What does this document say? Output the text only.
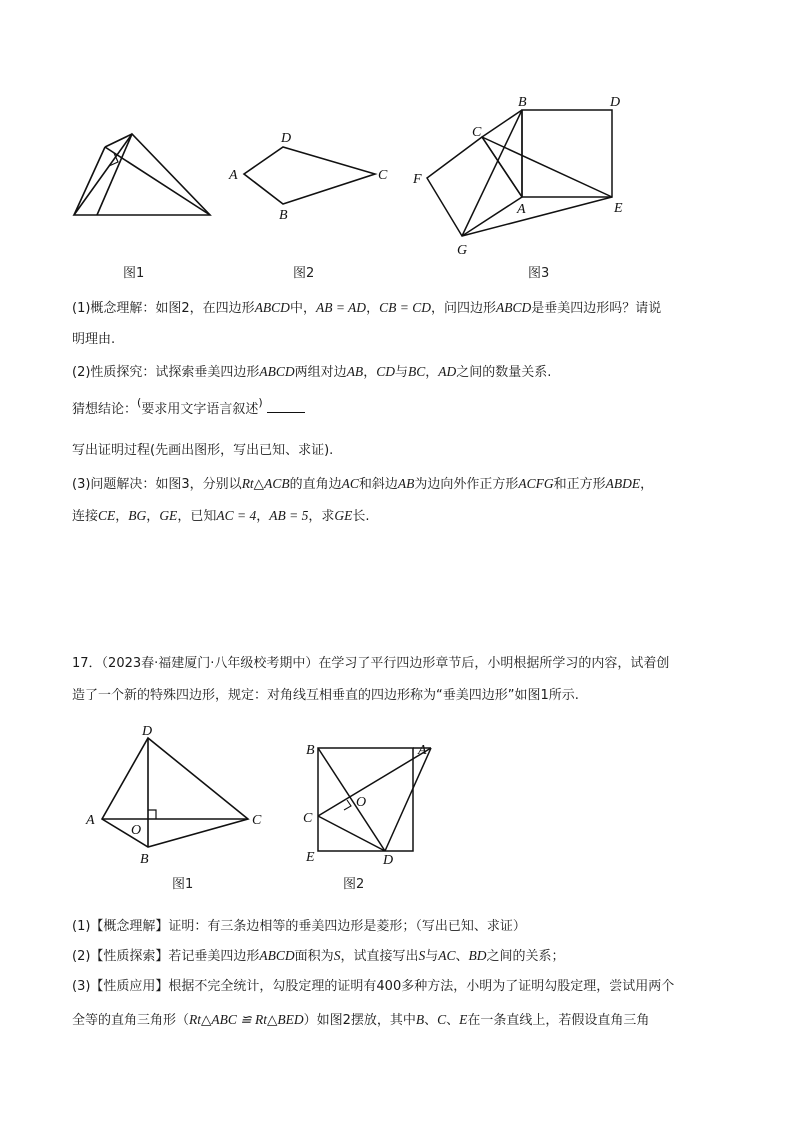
A
D
C
B
B	D
C
F
A	E
G
图1	图2	图3
(1)概念理解：如图2，在四边形ABCD中，AB = AD，CB = CD，问四边形ABCD是垂美四边形吗？请说
明理由.
(2)性质探究：试探索垂美四边形ABCD两组对边AB，CD与BC，AD之间的数量关系.
猜想结论：(要求用文字语言叙述)
写出证明过程(先画出图形，写出已知、求证).
(3)问题解决：如图3，分别以Rt△ACB的直角边AC和斜边AB为边向外作正方形ACFG和正方形ABDE，
连接CE，BG，GE，已知AC = 4，AB = 5，求GE长.
17．（2023春·福建厦门·八年级校考期中）在学习了平行四边形章节后，小明根据所学习的内容，试着创
造了一个新的特殊四边形，规定：对角线互相垂直的四边形称为“垂美四边形”如图1所示.
D
A
O
C
B
B	A
O
C
E	D
图1	图2
(1)【概念理解】证明：有三条边相等的垂美四边形是菱形；（写出已知、求证）
(2)【性质探索】若记垂美四边形ABCD面积为S，试直接写出S与AC、BD之间的关系；
(3)【性质应用】根据不完全统计，勾股定理的证明有400多种方法，小明为了证明勾股定理，尝试用两个
全等的直角三角形（Rt△ABC ≌ Rt△BED）如图2摆放，其中B、C、E在一条直线上，若假设直角三角
